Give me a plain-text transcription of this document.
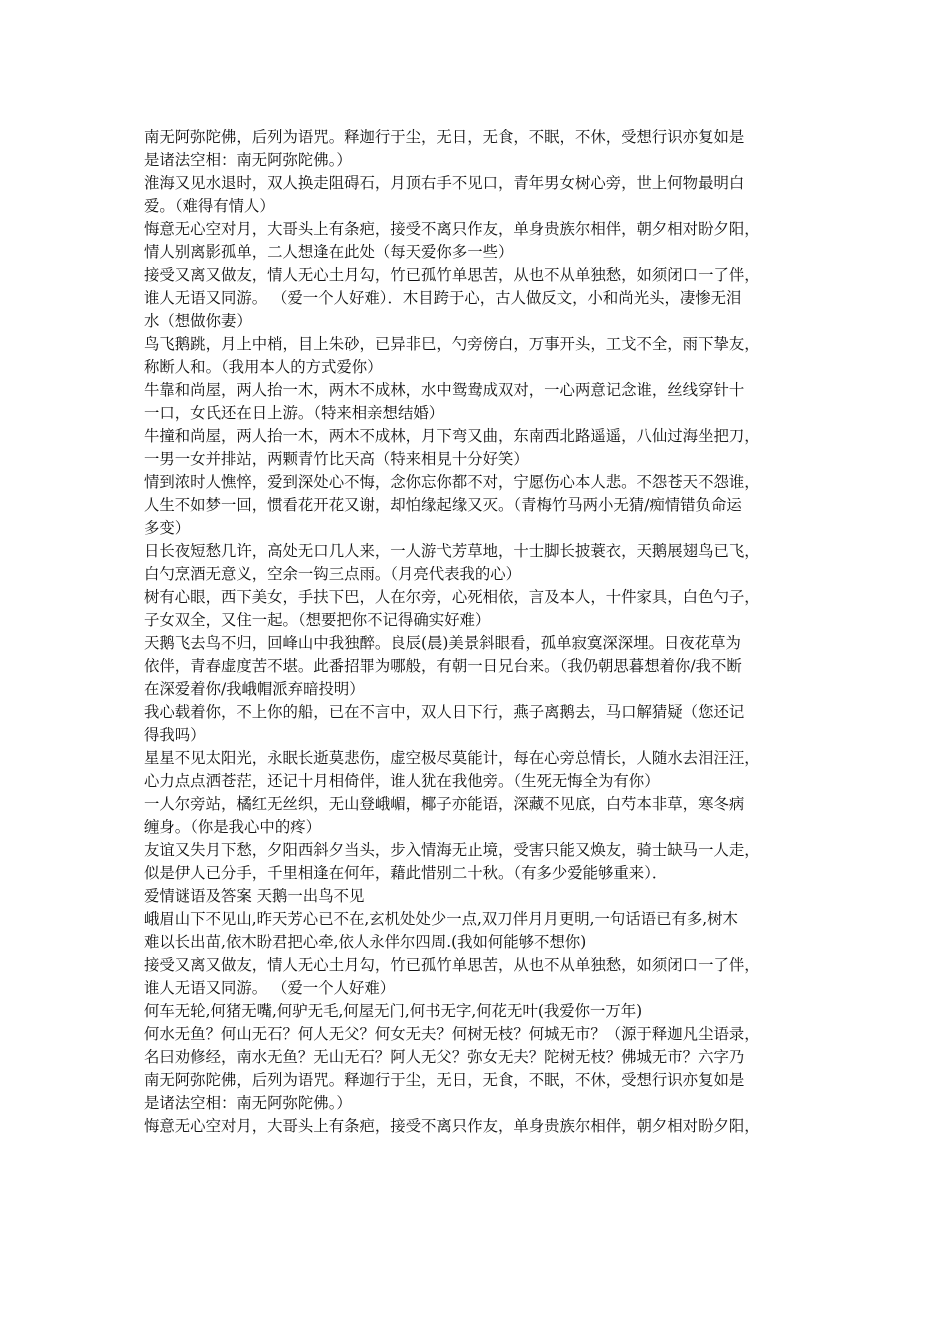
南无阿弥陀佛，后列为语咒。释迦行于尘，无日，无食，不眠，不休，受想行识亦复如是
是诸法空相：南无阿弥陀佛。）
淮海又见水退时，双人换走阻碍石，月顶右手不见口，青年男女树心旁，世上何物最明白
爱。（难得有情人）
悔意无心空对月，大哥头上有条疤，接受不离只作友，单身贵族尔相伴，朝夕相对盼夕阳，
情人别离影孤单，二人想逢在此处（每天爱你多一些）
接受又离又做友，情人无心土月勾，竹已孤竹单思苦，从也不从单独愁，如须闭口一了伴，
谁人无语又同游。 （爱一个人好难）．木目跨于心，古人做反文，小和尚光头，凄惨无泪
水（想做你妻）
鸟飞鹅跳，月上中梢，目上朱砂，已异非巳，勺旁傍白，万事开头，工戈不全，雨下挚友，
称断人和。（我用本人的方式爱你）
牛靠和尚屋，两人抬一木，两木不成林，水中鸳鸯成双对，一心两意记念谁，丝线穿针十
一口，女氏还在日上游。（特来相亲想结婚）
牛撞和尚屋，两人抬一木，两木不成林，月下弯又曲，东南西北路遥遥，八仙过海坐把刀，
一男一女并排站，两颗青竹比天高（特来相見十分好笑）
情到浓时人憔悴，爱到深处心不悔，念你忘你都不对，宁愿伤心本人悲。不怨苍天不怨谁，
人生不如梦一回，惯看花开花又谢，却怕缘起缘又灭。（青梅竹马两小无猜/痴情错负命运
多变）
日长夜短愁几许，高处无口几人来，一人游弋芳草地，十士脚长披蓑衣，天鹅展翅鸟已飞，
白勺烹酒无意义，空余一钩三点雨。（月亮代表我的心）
树有心眼，西下美女，手扶下巴，人在尔旁，心死相依，言及本人，十件家具，白色勺子，
子女双全，又住一起。（想要把你不记得确实好难）
天鹅飞去鸟不归，回峰山中我独醉。良辰(晨)美景斜眼看，孤单寂寞深深埋。日夜花草为
依伴，青春虚度苦不堪。此番招罪为哪般，有朝一日兄台来。（我仍朝思暮想着你/我不断
在深爱着你/我峨帽派弃暗投明）
我心载着你，不上你的船，已在不言中，双人日下行，燕子离鹅去，马口解猜疑（您还记
得我吗）
星星不见太阳光，永眠长逝莫悲伤，虚空极尽莫能计，每在心旁总情长，人随水去泪汪汪，
心力点点洒苍茫，还记十月相倚伴，谁人犹在我他旁。（生死无悔全为有你）
一人尔旁站，橘红无丝织，无山登峨嵋，椰子亦能语，深藏不见底，白芍本非草，寒冬病
缠身。（你是我心中的疼）
友谊又失月下愁，夕阳西斜夕当头，步入情海无止境，受害只能又焕友，骑士缺马一人走，
似是伊人已分手，千里相逢在何年，藉此惜别二十秋。（有多少爱能够重来）．
爱情谜语及答案 天鹅一出鸟不见
峨眉山下不见山,昨天芳心已不在,玄机处处少一点,双刀伴月月更明,一句话语已有多,树木
难以长出苗,依木盼君把心牵,依人永伴尔四周.(我如何能够不想你)
接受又离又做友，情人无心土月勾，竹已孤竹单思苦，从也不从单独愁，如须闭口一了伴，
谁人无语又同游。 （爱一个人好难）
何车无轮,何猪无嘴,何驴无毛,何屋无门,何书无字,何花无叶(我爱你一万年)
何水无鱼？何山无石？何人无父？何女无夫？何树无枝？何城无市？（源于释迦凡尘语录，
名曰劝修经，南水无鱼？无山无石？阿人无父？弥女无夫？陀树无枝？佛城无市？六字乃
南无阿弥陀佛，后列为语咒。释迦行于尘，无日，无食，不眠，不休，受想行识亦复如是
是诸法空相：南无阿弥陀佛。）
悔意无心空对月，大哥头上有条疤，接受不离只作友，单身贵族尔相伴，朝夕相对盼夕阳，
